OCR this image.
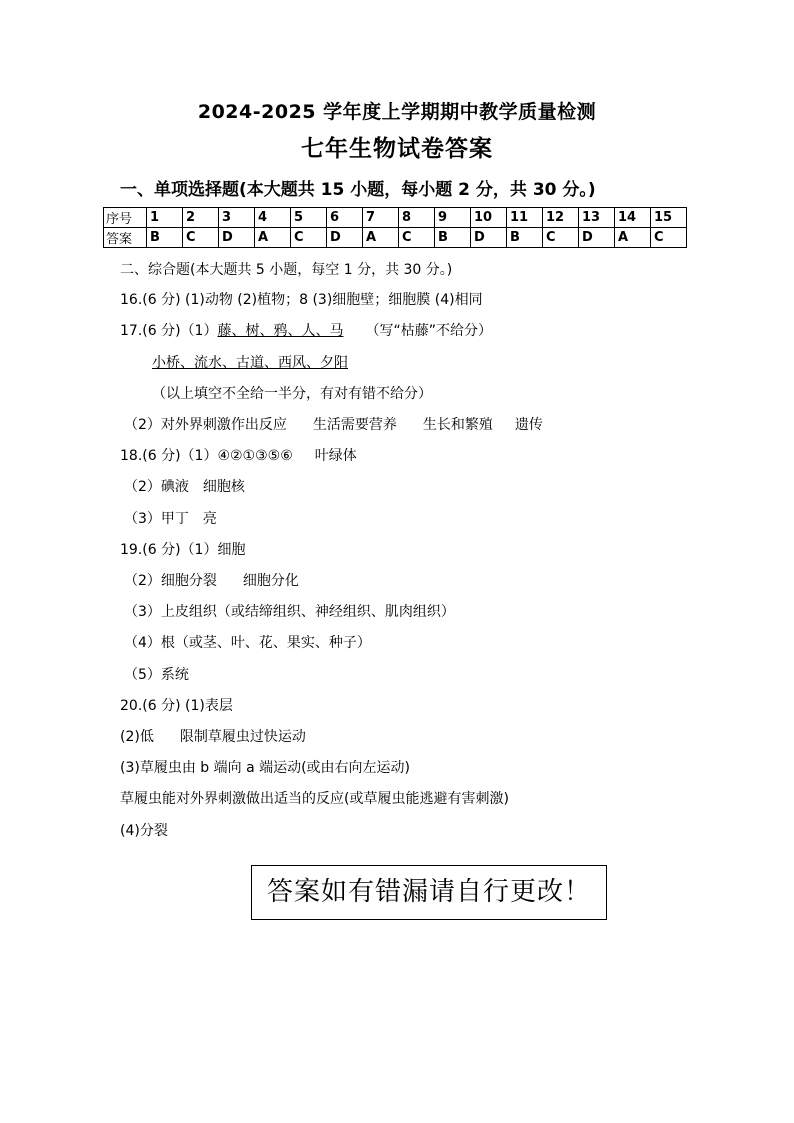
2024-2025 学年度上学期期中教学质量检测
七年生物试卷答案
一、单项选择题(本大题共 15 小题，每小题 2 分，共 30 分。)
序号	1	2	3	4	5	6	7	8	9	10	11	12	13	14	15
答案	B	C	D	A	C	D	A	C	B	D	B	C	D	A	C
二、综合题(本大题共 5 小题，每空 1 分，共 30 分。)
16.(6 分) (1)动物 (2)植物；8 (3)细胞壁；细胞膜 (4)相同
17.(6 分)（1）藤、树、鸦、人、马 （写“枯藤”不给分）
小桥、流水、古道、西风、夕阳
（以上填空不全给一半分，有对有错不给分）
（2）对外界刺激作出反应 生活需要营养 生长和繁殖 遗传
18.(6 分)（1）④②①③⑤⑥ 叶绿体
（2）碘液 细胞核
（3）甲丁 亮
19.(6 分)（1）细胞
（2）细胞分裂 细胞分化
（3）上皮组织（或结缔组织、神经组织、肌肉组织）
（4）根（或茎、叶、花、果实、种子）
（5）系统
20.(6 分) (1)表层
(2)低 限制草履虫过快运动
(3)草履虫由 b 端向 a 端运动(或由右向左运动)
草履虫能对外界刺激做出适当的反应(或草履虫能逃避有害刺激)
(4)分裂
答案如有错漏请自行更改！
